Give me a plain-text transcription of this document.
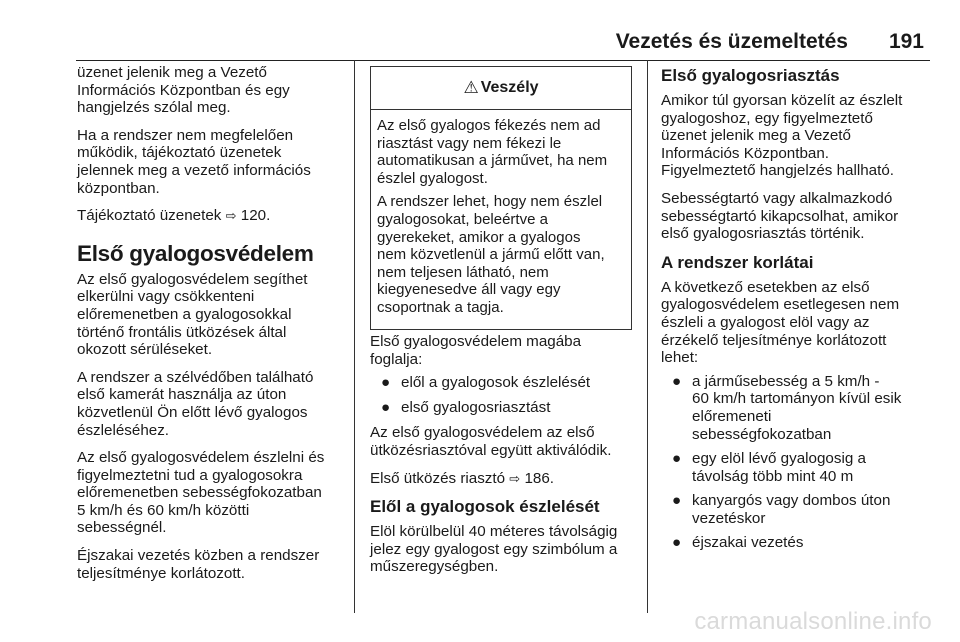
Vezetés és üzemeltetés 191

üzenet jelenik meg a Vezető
Információs Központban és egy
hangjelzés szólal meg.

Ha a rendszer nem megfelelően
működik, tájékoztató üzenetek
jelennek meg a vezető információs
központban.

Tájékoztató üzenetek ⇨ 120.

Első gyalogosvédelem

Az első gyalogosvédelem segíthet
elkerülni vagy csökkenteni
előremenetben a gyalogosokkal
történő frontális ütközések által
okozott sérüléseket.

A rendszer a szélvédőben található
első kamerát használja az úton
közvetlenül Ön előtt lévő gyalogos
észleléséhez.

Az első gyalogosvédelem észlelni és
figyelmeztetni tud a gyalogosokra
előremenetben sebességfokozatban
5 km/h és 60 km/h közötti
sebességnél.

Éjszakai vezetés közben a rendszer
teljesítménye korlátozott.

⚠ Veszély

Az első gyalogos fékezés nem ad
riasztást vagy nem fékezi le
automatikusan a járművet, ha nem
észlel gyalogost.

A rendszer lehet, hogy nem észlel
gyalogosokat, beleértve a
gyerekeket, amikor a gyalogos
nem közvetlenül a jármű előtt van,
nem teljesen látható, nem
kiegyenesedve áll vagy egy
csoportnak a tagja.

Első gyalogosvédelem magába
foglalja:

● elől a gyalogosok észlelését
● első gyalogosriasztást

Az első gyalogosvédelem az első
ütközésriasztóval együtt aktiválódik.

Első ütközés riasztó ⇨ 186.

Elől a gyalogosok észlelését

Elöl körülbelül 40 méteres távolságig
jelez egy gyalogost egy szimbólum a
műszeregységben.

Első gyalogosriasztás

Amikor túl gyorsan közelít az észlelt
gyalogoshoz, egy figyelmeztető
üzenet jelenik meg a Vezető
Információs Központban.
Figyelmeztető hangjelzés hallható.

Sebességtartó vagy alkalmazkodó
sebességtartó kikapcsolhat, amikor
első gyalogosriasztás történik.

A rendszer korlátai

A következő esetekben az első
gyalogosvédelem esetlegesen nem
észleli a gyalogost elöl vagy az
érzékelő teljesítménye korlátozott
lehet:

● a járműsebesség a 5 km/h -
60 km/h tartományon kívül esik
előremeneti
sebességfokozatban
● egy elöl lévő gyalogosig a
távolság több mint 40 m
● kanyargós vagy dombos úton
vezetéskor
● éjszakai vezetés
carmanualsonline.info
